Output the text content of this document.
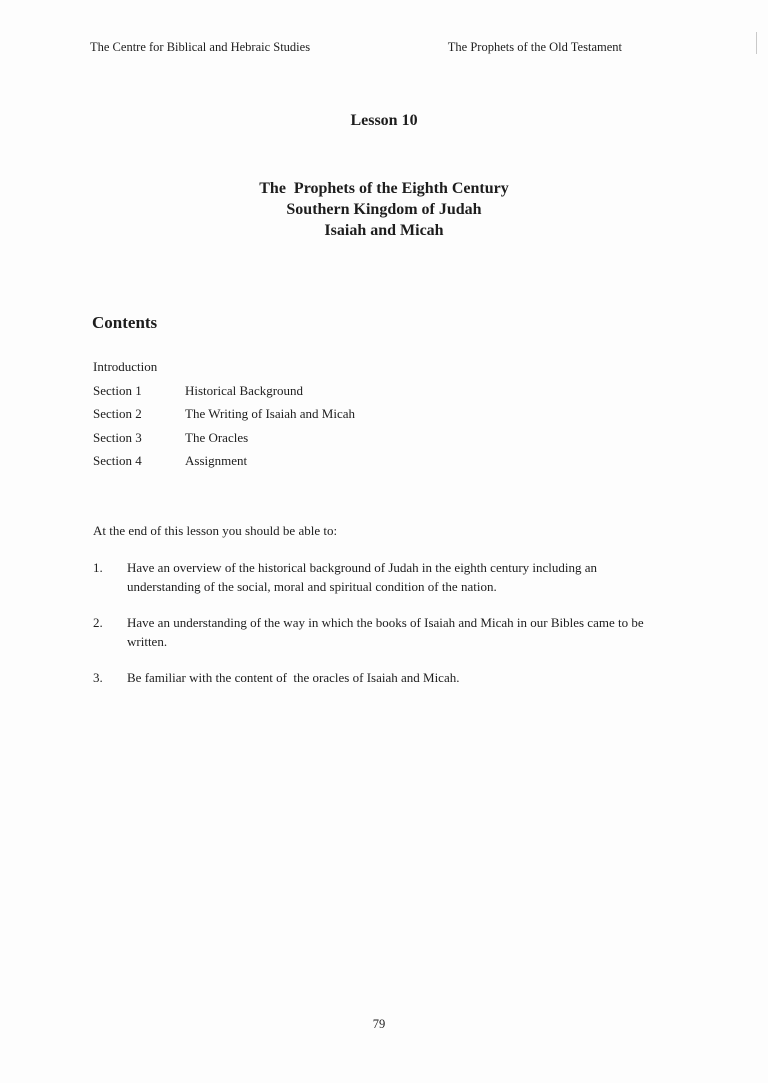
The Centre for Biblical and Hebraic Studies	The Prophets of the Old Testament
Lesson 10
The  Prophets of the Eighth Century
Southern Kingdom of Judah
Isaiah and Micah
Contents
Introduction
Section 1	Historical Background
Section 2	The Writing of Isaiah and Micah
Section 3	The Oracles
Section 4	Assignment
At the end of this lesson you should be able to:
1.	Have an overview of the historical background of Judah in the eighth century including an understanding of the social, moral and spiritual condition of the nation.
2.	Have an understanding of the way in which the books of Isaiah and Micah in our Bibles came to be written.
3.	Be familiar with the content of  the oracles of Isaiah and Micah.
79
